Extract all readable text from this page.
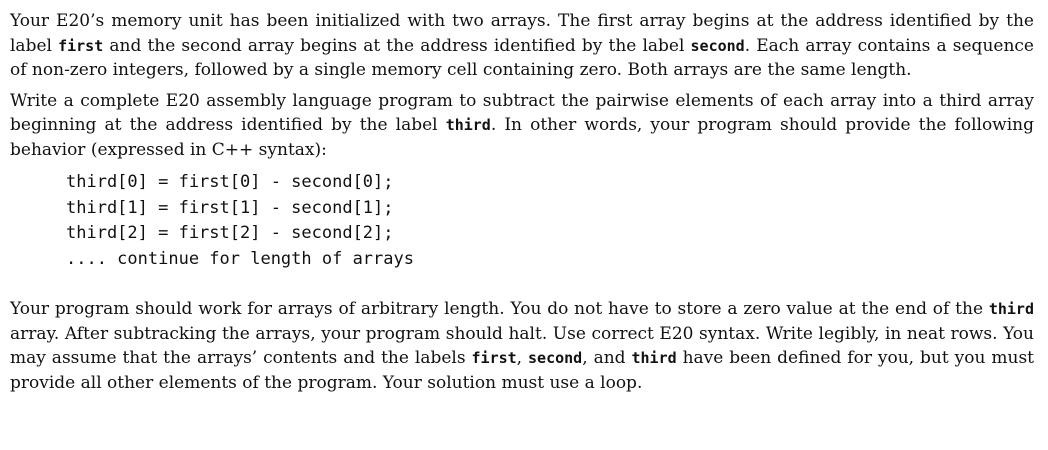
Your E20’s memory unit has been initialized with two arrays. The first array begins at the address identified by the label first and the second array begins at the address identified by the label second. Each array contains a sequence of non-zero integers, followed by a single memory cell containing zero. Both arrays are the same length.

Write a complete E20 assembly language program to subtract the pairwise elements of each array into a third array beginning at the address identified by the label third. In other words, your program should provide the following behavior (expressed in C++ syntax):

third[0] = first[0] - second[0];
third[1] = first[1] - second[1];
third[2] = first[2] - second[2];
.... continue for length of arrays

Your program should work for arrays of arbitrary length. You do not have to store a zero value at the end of the third array. After subtracking the arrays, your program should halt. Use correct E20 syntax. Write legibly, in neat rows. You may assume that the arrays’ contents and the labels first, second, and third have been defined for you, but you must provide all other elements of the program. Your solution must use a loop.
